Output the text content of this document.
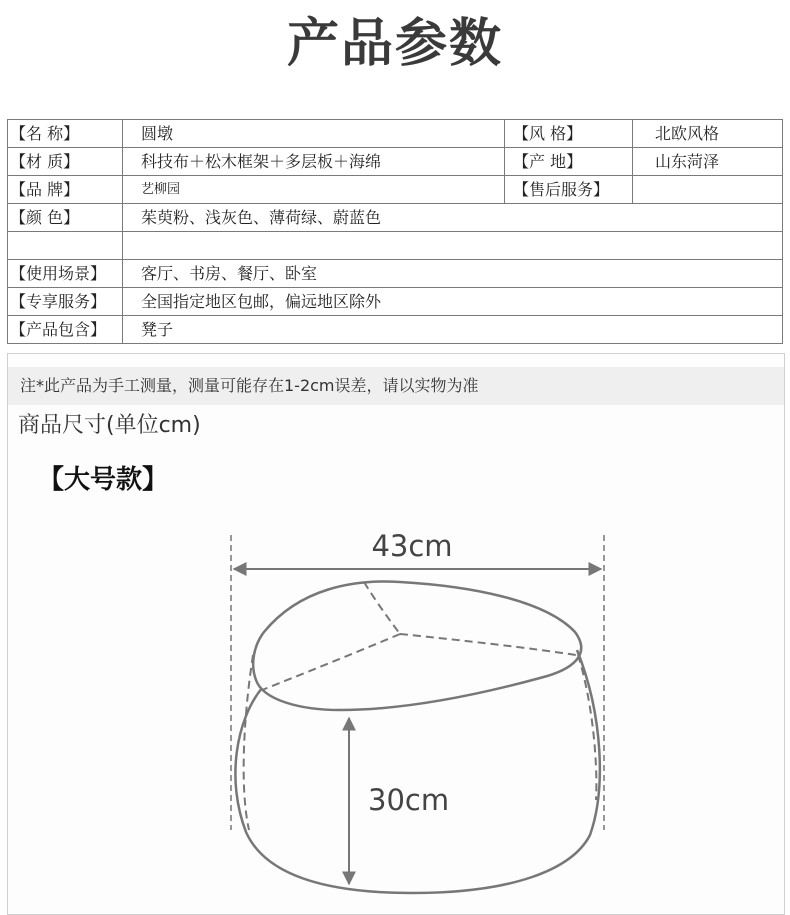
产品参数
【名 称】	圆墩	【风 格】	北欧风格
【材 质】	科技布＋松木框架＋多层板＋海绵	【产 地】	山东菏泽
【品 牌】	艺柳园	【售后服务】	
【颜 色】	茱萸粉、浅灰色、薄荷绿、蔚蓝色		

【使用场景】	客厅、书房、餐厅、卧室		
【专享服务】	全国指定地区包邮，偏远地区除外		
【产品包含】	凳子		
注*此产品为手工测量，测量可能存在1-2cm误差，请以实物为准
商品尺寸(单位cm)
【大号款】
43cm
30cm
